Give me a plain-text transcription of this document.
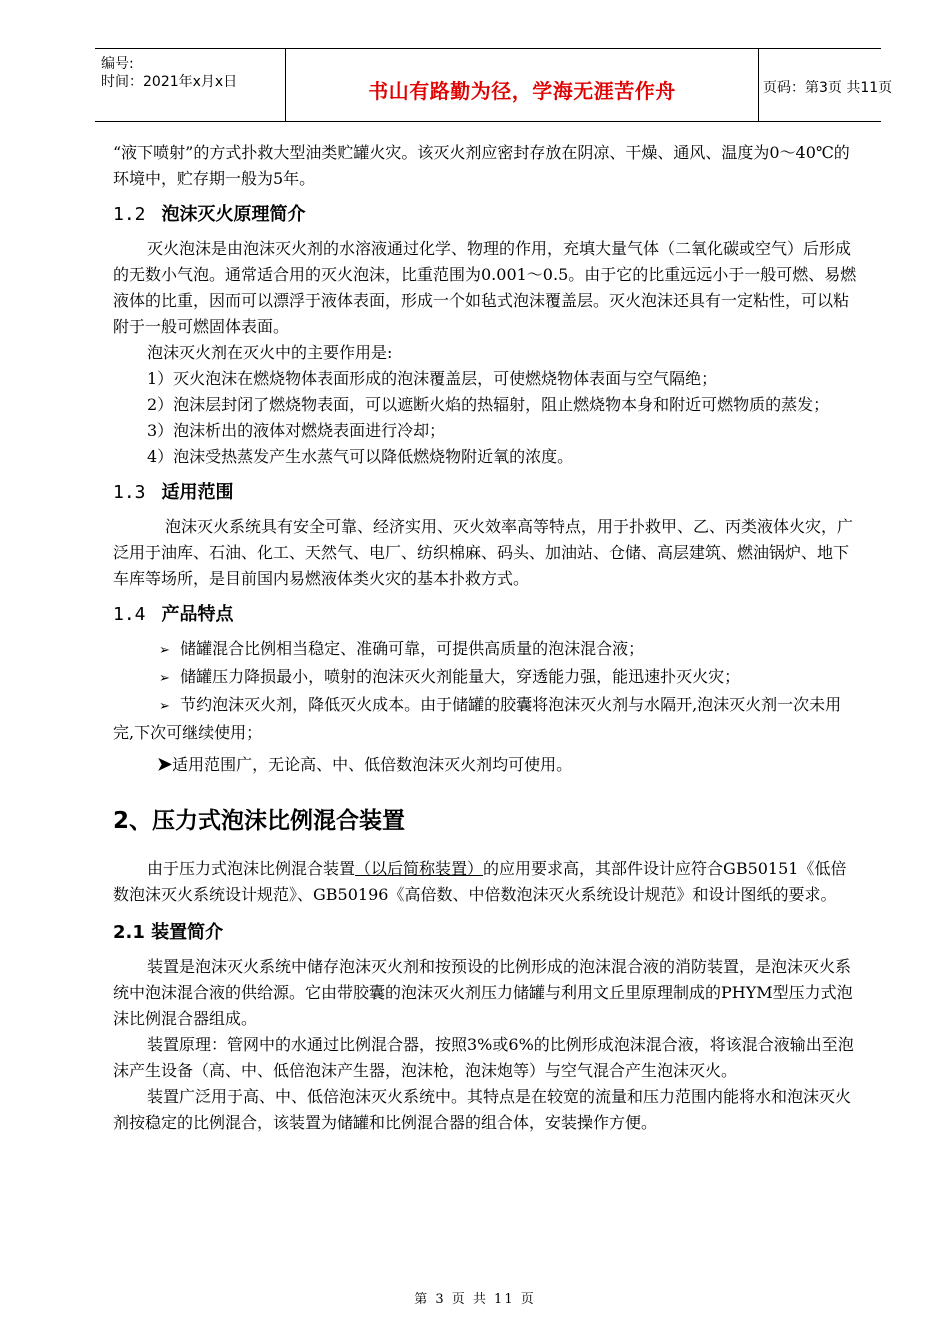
编号:
时间：2021年x月x日	书山有路勤为径，学海无涯苦作舟	页码：第3页 共11页

“液下喷射”的方式扑救大型油类贮罐火灾。该灭火剂应密封存放在阴凉、干燥、通风、温度为0～40℃的环境中，贮存期一般为5年。

1.2 泡沫灭火原理简介

灭火泡沫是由泡沫灭火剂的水溶液通过化学、物理的作用，充填大量气体（二氧化碳或空气）后形成的无数小气泡。通常适合用的灭火泡沫，比重范围为0.001～0.5。由于它的比重远远小于一般可燃、易燃液体的比重，因而可以漂浮于液体表面，形成一个如毡式泡沫覆盖层。灭火泡沫还具有一定粘性，可以粘附于一般可燃固体表面。

泡沫灭火剂在灭火中的主要作用是:

1）灭火泡沫在燃烧物体表面形成的泡沫覆盖层，可使燃烧物体表面与空气隔绝；

2）泡沫层封闭了燃烧物表面，可以遮断火焰的热辐射，阻止燃烧物本身和附近可燃物质的蒸发；

3）泡沫析出的液体对燃烧表面进行冷却；

4）泡沫受热蒸发产生水蒸气可以降低燃烧物附近氧的浓度。

1.3 适用范围

泡沫灭火系统具有安全可靠、经济实用、灭火效率高等特点，用于扑救甲、乙、丙类液体火灾，广泛用于油库、石油、化工、天然气、电厂、纺织棉麻、码头、加油站、仓储、高层建筑、燃油锅炉、地下车库等场所，是目前国内易燃液体类火灾的基本扑救方式。

1.4 产品特点

➢ 储罐混合比例相当稳定、准确可靠，可提供高质量的泡沫混合液；

➢ 储罐压力降损最小，喷射的泡沫灭火剂能量大，穿透能力强，能迅速扑灭火灾；

➢ 节约泡沫灭火剂，降低灭火成本。由于储罐的胶囊将泡沫灭火剂与水隔开,泡沫灭火剂一次未用完,下次可继续使用；

➤适用范围广，无论高、中、低倍数泡沫灭火剂均可使用。

2、压力式泡沫比例混合装置

由于压力式泡沫比例混合装置（以后简称装置）的应用要求高，其部件设计应符合GB50151《低倍数泡沫灭火系统设计规范》、GB50196《高倍数、中倍数泡沫灭火系统设计规范》和设计图纸的要求。

2.1 装置简介

装置是泡沫灭火系统中储存泡沫灭火剂和按预设的比例形成的泡沫混合液的消防装置，是泡沫灭火系统中泡沫混合液的供给源。它由带胶囊的泡沫灭火剂压力储罐与利用文丘里原理制成的PHYM型压力式泡沫比例混合器组成。

装置原理：管网中的水通过比例混合器，按照3%或6%的比例形成泡沫混合液，将该混合液输出至泡沫产生设备（高、中、低倍泡沫产生器，泡沫枪，泡沫炮等）与空气混合产生泡沫灭火。

装置广泛用于高、中、低倍泡沫灭火系统中。其特点是在较宽的流量和压力范围内能将水和泡沫灭火剂按稳定的比例混合，该装置为储罐和比例混合器的组合体，安装操作方便。

第 3 页 共 11 页
